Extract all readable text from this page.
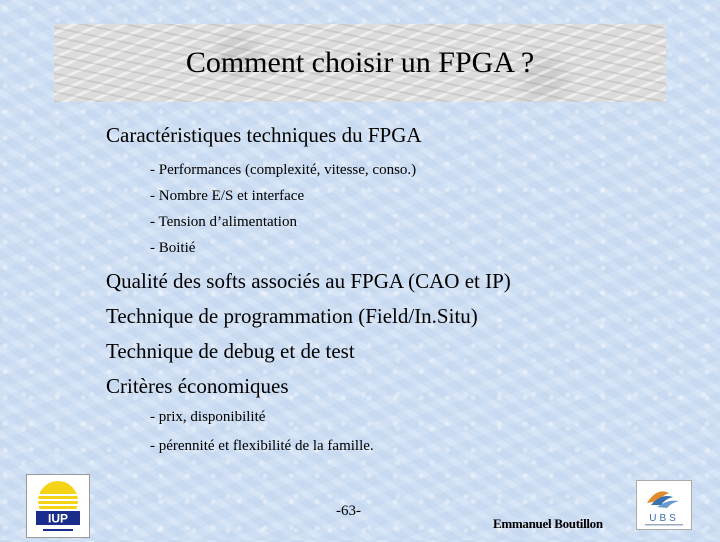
Comment choisir un FPGA ?

Caractéristiques techniques du FPGA

- Performances (complexité, vitesse, conso.)
- Nombre E/S et interface
- Tension d’alimentation
- Boitié

Qualité des softs associés au FPGA (CAO et IP)

Technique de programmation (Field/In.Situ)

Technique de debug et de test

Critères économiques

- prix, disponibilité
- pérennité et flexibilité de la famille.
IUP	-63-
Emmanuel Boutillon	UBS
